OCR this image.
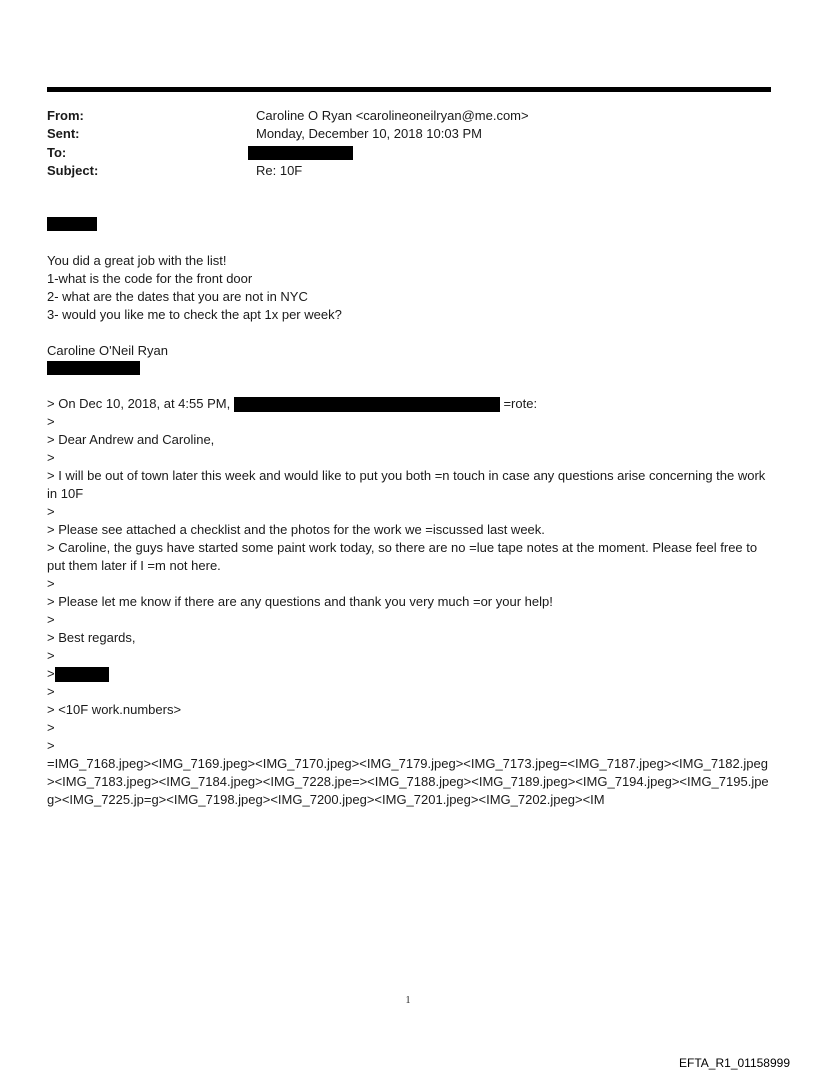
From:	Caroline O Ryan <carolineoneilryan@me.com>
Sent:	Monday, December 10, 2018 10:03 PM
To:
Subject:	Re: 10F
You did a great job with the list!
1-what is the code for the front door
2- what are the dates that you are not in NYC
3- would you like me to check the apt 1x per week?
Caroline O'Neil Ryan
> On Dec 10, 2018, at 4:55 PM,	=rote:
>
> Dear Andrew and Caroline,
>
> I will be out of town later this week and would like to put you both =n touch in case any questions arise concerning the work in 10F
>
> Please see attached a checklist and the photos for the work we =iscussed last week.
> Caroline, the guys have started some paint work today, so there are no =lue tape notes at the moment. Please feel free to put them later if I =m not here.
>
> Please let me know if there are any questions and thank you very much =or your help!
>
> Best regards,
>
>
>
> <10F work.numbers>
>
>
=IMG_7168.jpeg><IMG_7169.jpeg><IMG_7170.jpeg><IMG_7179.jpeg><IMG_7173.jpeg=<IMG_7187.jpeg><IMG_7182.jpeg><IMG_7183.jpeg><IMG_7184.jpeg><IMG_7228.jpe=><IMG_7188.jpeg><IMG_7189.jpeg><IMG_7194.jpeg><IMG_7195.jpeg><IMG_7225.jp=g><IMG_7198.jpeg><IMG_7200.jpeg><IMG_7201.jpeg><IMG_7202.jpeg><IM
1
EFTA_R1_01158999
